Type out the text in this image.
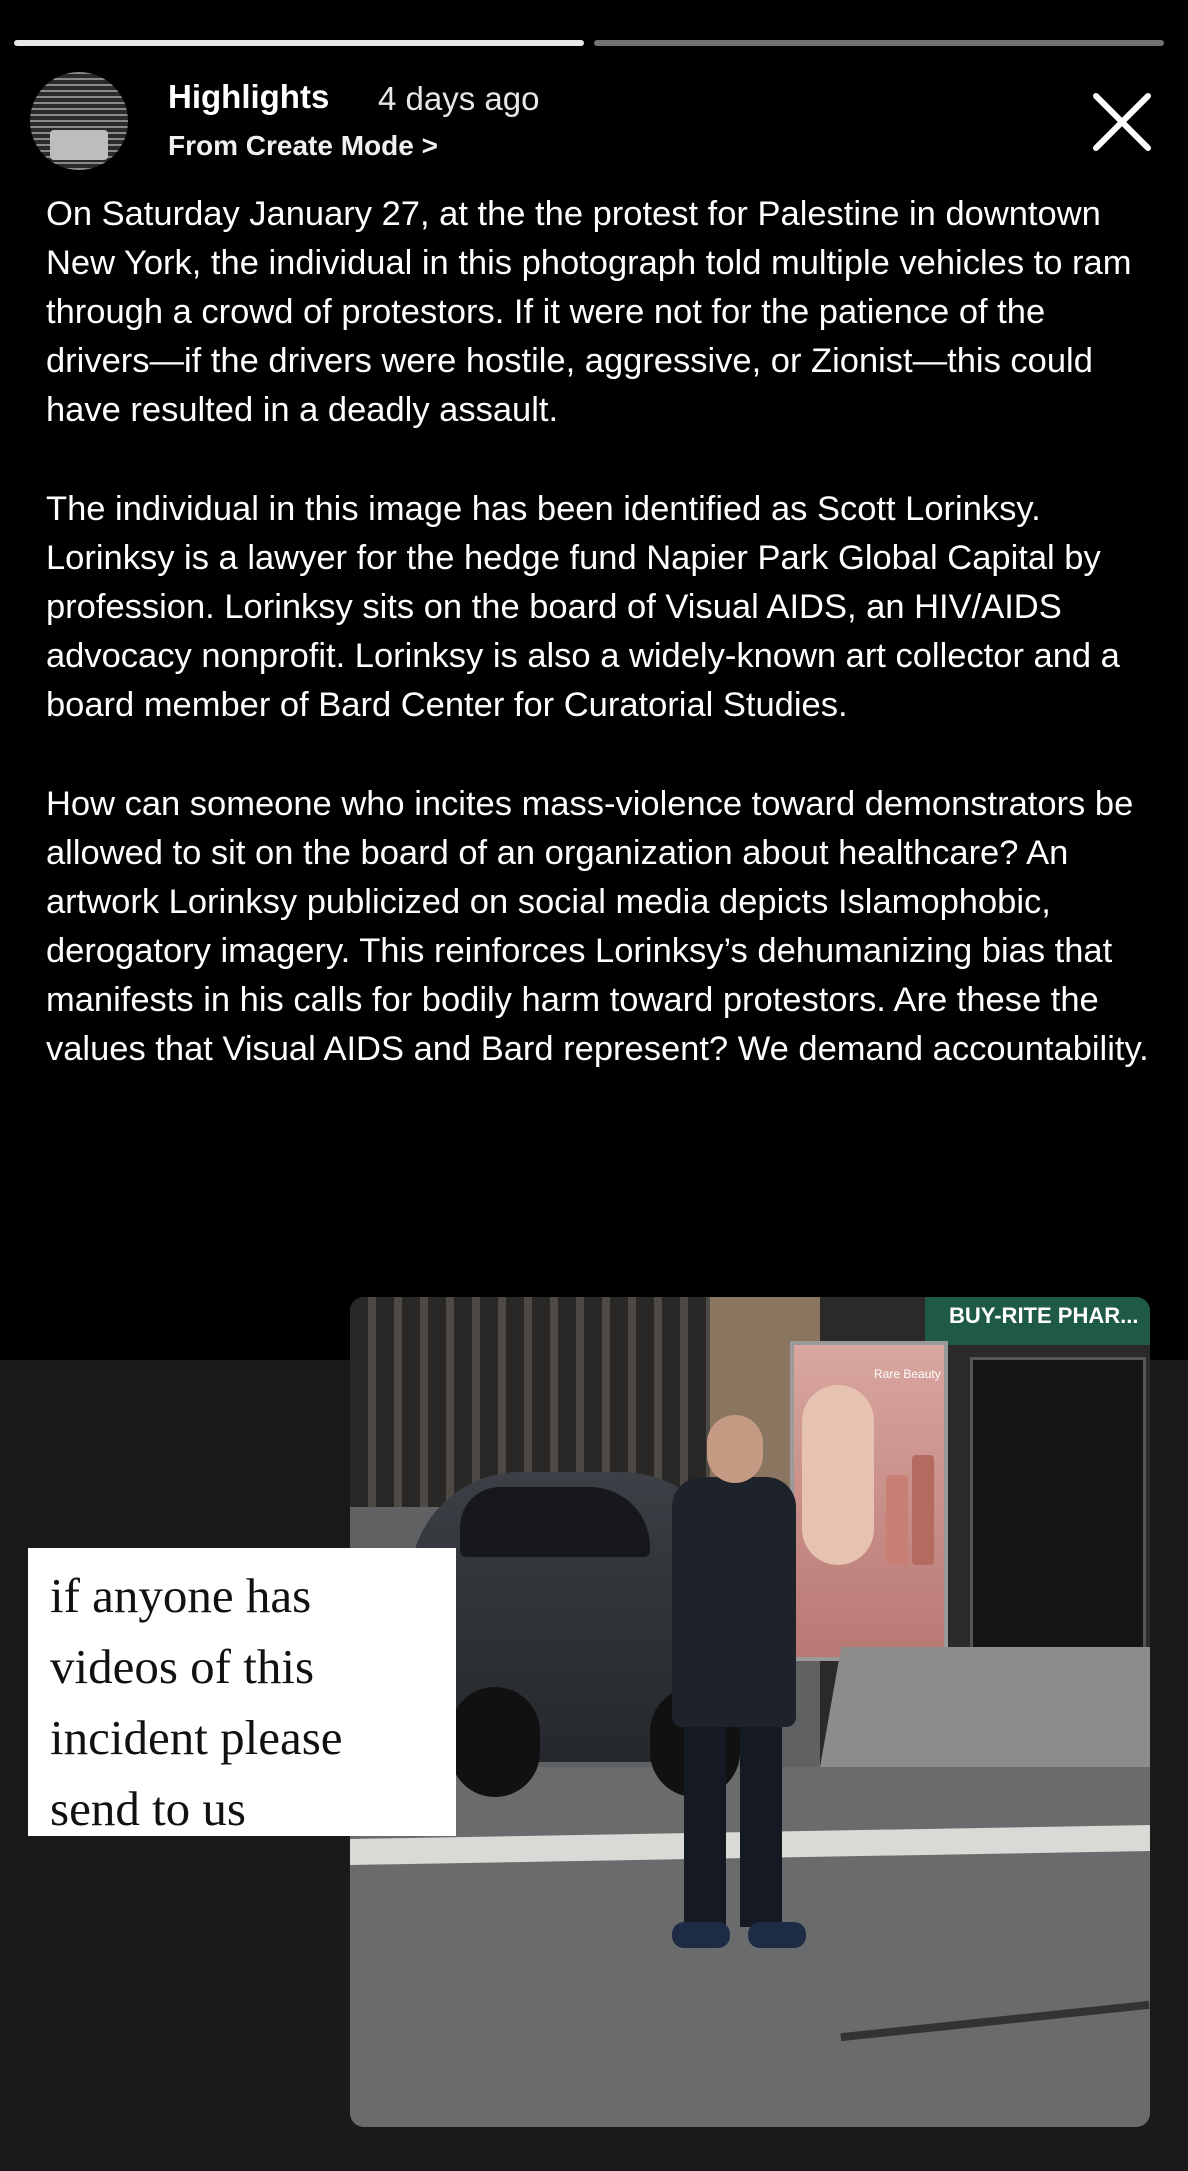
Highlights 4 days ago
From Create Mode >

On Saturday January 27, at the the protest for Palestine in downtown New York, the individual in this photograph told multiple vehicles to ram through a crowd of protestors. If it were not for the patience of the drivers—if the drivers were hostile, aggressive, or Zionist—this could have resulted in a deadly assault.

The individual in this image has been identified as Scott Lorinksy. Lorinksy is a lawyer for the hedge fund Napier Park Global Capital by profession. Lorinksy sits on the board of Visual AIDS, an HIV/AIDS advocacy nonprofit. Lorinksy is also a widely-known art collector and a board member of Bard Center for Curatorial Studies.

How can someone who incites mass-violence toward demonstrators be allowed to sit on the board of an organization about healthcare? An artwork Lorinksy publicized on social media depicts Islamophobic, derogatory imagery. This reinforces Lorinksy’s dehumanizing bias that manifests in his calls for bodily harm toward protestors. Are these the values that Visual AIDS and Bard represent? We demand accountability.

BUY-RITE PHAR...
Rare Beauty
if anyone has
videos of this
incident please
send to us
